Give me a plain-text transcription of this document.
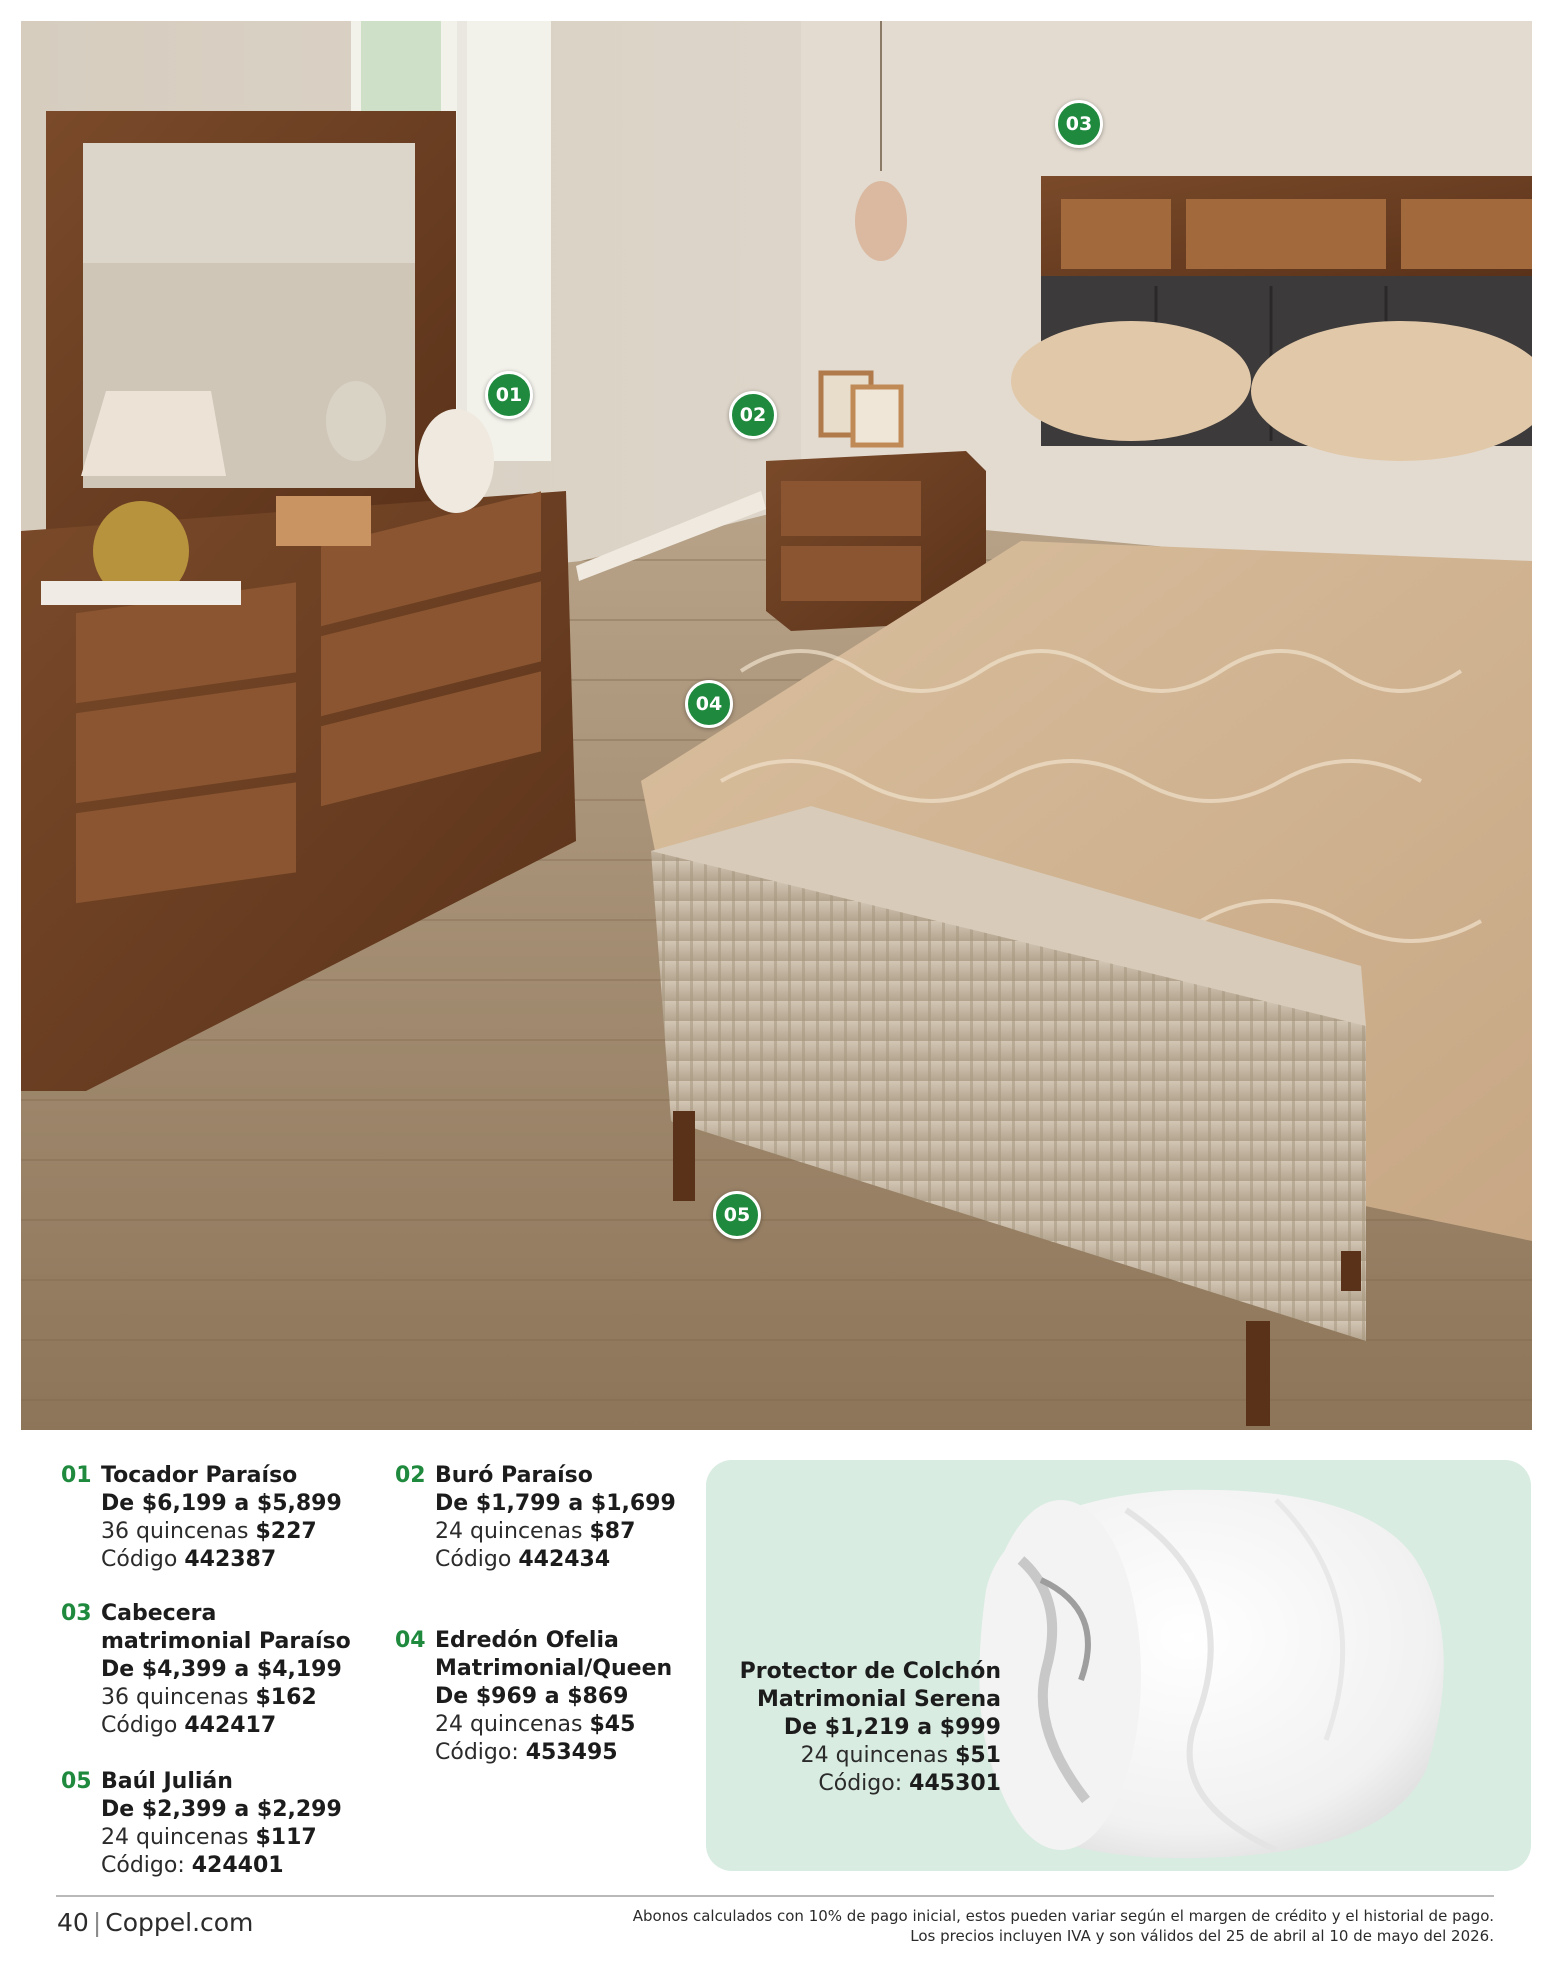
01
02
03
04
05
01 Tocador Paraíso
De $6,199 a $5,899
36 quincenas $227
Código 442387
02 Buró Paraíso
De $1,799 a $1,699
24 quincenas $87
Código 442434
03 Cabecera
matrimonial Paraíso
De $4,399 a $4,199
36 quincenas $162
Código 442417
04 Edredón Ofelia
Matrimonial/Queen
De $969 a $869
24 quincenas $45
Código: 453495
05 Baúl Julián
De $2,399 a $2,299
24 quincenas $117
Código: 424401
Protector de Colchón
Matrimonial Serena
De $1,219 a $999
24 quincenas $51
Código: 445301
40 | Coppel.com	Abonos calculados con 10% de pago inicial, estos pueden variar según el margen de crédito y el historial de pago.
Los precios incluyen IVA y son válidos del 25 de abril al 10 de mayo del 2026.
